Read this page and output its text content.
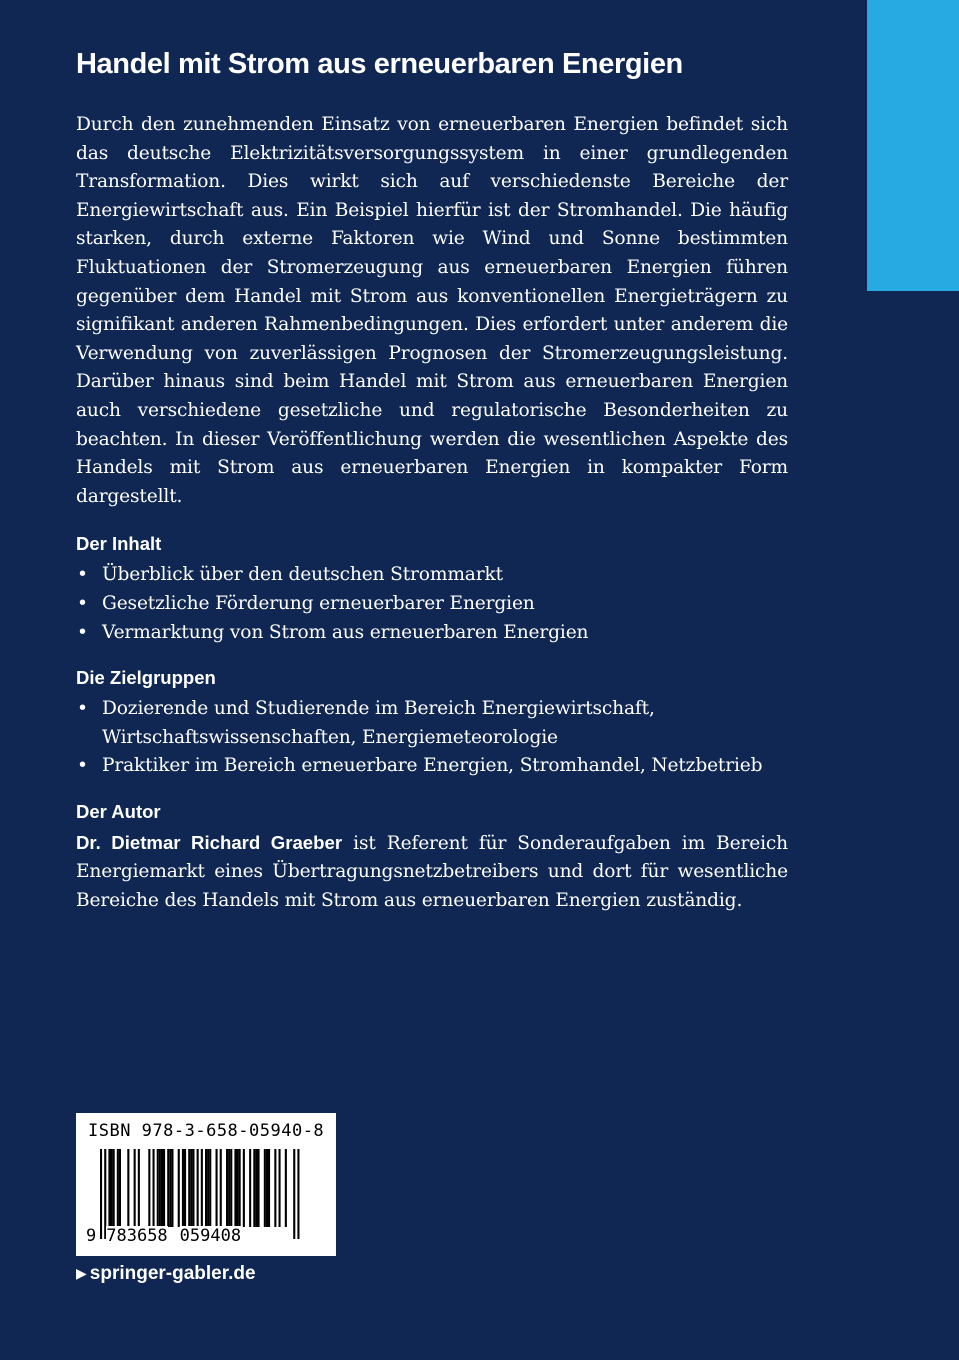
Handel mit Strom aus erneuerbaren Energien

Durch den zunehmenden Einsatz von erneuerbaren Energien befindet sich das deutsche Elektrizitätsversorgungssystem in einer grundlegenden Transformation. Dies wirkt sich auf verschiedenste Bereiche der Energiewirtschaft aus. Ein Beispiel hierfür ist der Stromhandel. Die häufig starken, durch externe Faktoren wie Wind und Sonne bestimmten Fluktuationen der Stromerzeugung aus erneuerbaren Energien führen gegenüber dem Handel mit Strom aus konventionellen Energieträgern zu signifikant anderen Rahmenbedingungen. Dies erfordert unter anderem die Verwendung von zuverlässigen Prognosen der Stromerzeugungsleistung. Darüber hinaus sind beim Handel mit Strom aus erneuerbaren Energien auch verschiedene gesetzliche und regulatorische Besonderheiten zu beachten. In dieser Veröffentlichung werden die wesentlichen Aspekte des Handels mit Strom aus erneuerbaren Energien in kompakter Form dargestellt.

Der Inhalt
• Überblick über den deutschen Strommarkt
• Gesetzliche Förderung erneuerbarer Energien
• Vermarktung von Strom aus erneuerbaren Energien
Die Zielgruppen
• Dozierende und Studierende im Bereich Energiewirtschaft, Wirtschaftswissenschaften, Energiemeteorologie
• Praktiker im Bereich erneuerbare Energien, Stromhandel, Netzbetrieb
Der Autor

Dr. Dietmar Richard Graeber ist Referent für Sonderaufgaben im Bereich Energiemarkt eines Übertragungsnetzbetreibers und dort für wesentliche Bereiche des Handels mit Strom aus erneuerbaren Energien zuständig.

ISBN 978-3-658-05940-8
9 783658 059408
▶ springer-gabler.de
